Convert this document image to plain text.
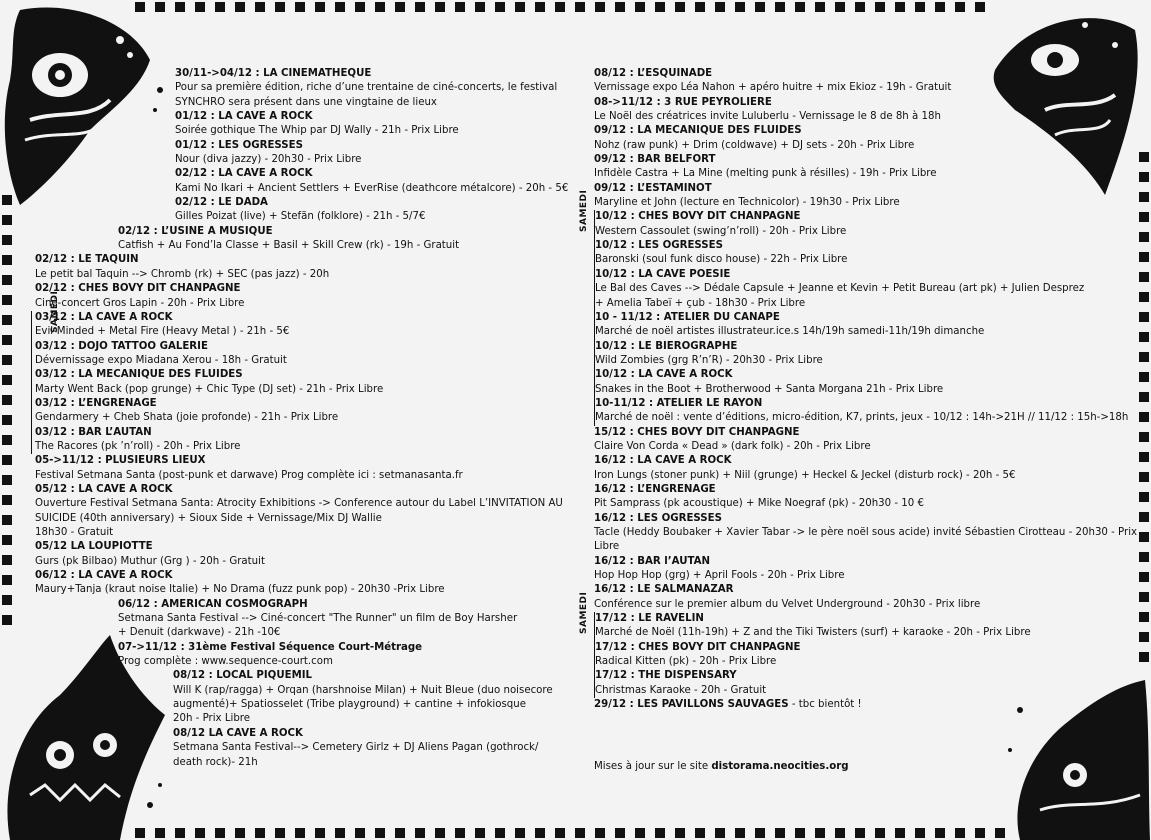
30/11->04/12 : LA CINEMATHEQUE
Pour sa première édition, riche d’une trentaine de ciné-concerts, le festival
SYNCHRO sera présent dans une vingtaine de lieux
01/12 : LA CAVE A ROCK
Soirée gothique The Whip par DJ Wally - 21h - Prix Libre
01/12 : LES OGRESSES
Nour (diva jazzy) - 20h30 - Prix Libre
02/12 : LA CAVE A ROCK
Kami No Ikari + Ancient Settlers + EverRise (deathcore métalcore) - 20h - 5€
02/12 : LE DADA
Gilles Poizat (live) + Stefãn (folklore) - 21h - 5/7€
02/12 : L’USINE A MUSIQUE
Catfish + Au Fond’la Classe + Basil + Skill Crew (rk) - 19h - Gratuit
02/12 : LE TAQUIN
Le petit bal Taquin --> Chromb (rk) + SEC (pas jazz) - 20h
02/12 : CHES BOVY DIT CHANPAGNE
Ciné-concert Gros Lapin - 20h - Prix Libre
SAMEDI
03/12 : LA CAVE A ROCK
Evil-Minded + Metal Fire (Heavy Metal ) - 21h - 5€
03/12 : DOJO TATTOO GALERIE
Dévernissage expo Miadana Xerou - 18h - Gratuit
03/12 : LA MECANIQUE DES FLUIDES
Marty Went Back (pop grunge) + Chic Type (DJ set) - 21h - Prix Libre
03/12 : L’ENGRENAGE
Gendarmery + Cheb Shata (joie profonde) - 21h - Prix Libre
03/12 : BAR L’AUTAN
The Racores (pk ’n’roll) - 20h - Prix Libre
05->11/12 : PLUSIEURS LIEUX
Festival Setmana Santa (post-punk et darwave) Prog complète ici : setmanasanta.fr
05/12 : LA CAVE A ROCK
Ouverture Festival Setmana Santa: Atrocity Exhibitions -> Conference autour du Label L’INVITATION AU
SUICIDE (40th anniversary) + Sioux Side + Vernissage/Mix DJ Wallie
18h30 - Gratuit
05/12 LA LOUPIOTTE
Gurs (pk Bilbao) Muthur (Grg ) - 20h - Gratuit
06/12 : LA CAVE A ROCK
Maury+Tanja (kraut noise Italie) + No Drama (fuzz punk pop) - 20h30 -Prix Libre
06/12 : AMERICAN COSMOGRAPH
Setmana Santa Festival --> Ciné-concert "The Runner" un film de Boy Harsher
+ Denuit (darkwave) - 21h -10€
07->11/12 : 31ème Festival Séquence Court-Métrage
Prog complète : www.sequence-court.com
08/12 : LOCAL PIQUEMIL
Will K (rap/ragga) + Orqan (harshnoise Milan) + Nuit Bleue (duo noisecore
augmenté)+ Spatiosselet (Tribe playground) + cantine + infokiosque
20h - Prix Libre
08/12 LA CAVE A ROCK
Setmana Santa Festival--> Cemetery Girlz + DJ Aliens Pagan (gothrock/
death rock)- 21h
08/12 : L’ESQUINADE
Vernissage expo Léa Nahon + apéro huitre + mix Ekioz - 19h - Gratuit
08->11/12 : 3 RUE PEYROLIERE
Le Noël des créatrices invite Luluberlu - Vernissage le 8 de 8h à 18h
09/12 : LA MECANIQUE DES FLUIDES
Nohz (raw punk) + Drim (coldwave) + DJ sets - 20h - Prix Libre
09/12 : BAR BELFORT
Infidèle Castra + La Mine (melting punk à résilles) - 19h - Prix Libre
09/12 : L’ESTAMINOT
Maryline et John (lecture en Technicolor) - 19h30 - Prix Libre
SAMEDI 10/12 : CHES BOVY DIT CHANPAGNE
Western Cassoulet (swing’n’roll) - 20h - Prix Libre
10/12 : LES OGRESSES
Baronski (soul funk disco house) - 22h - Prix Libre
10/12 : LA CAVE POESIE
Le Bal des Caves --> Dédale Capsule + Jeanne et Kevin + Petit Bureau (art pk) + Julien Desprez
+ Amelia Tabeï + çub - 18h30 - Prix Libre
10 - 11/12 : ATELIER DU CANAPE
Marché de noël artistes illustrateur.ice.s 14h/19h samedi-11h/19h dimanche
10/12 : LE BIEROGRAPHE
Wild Zombies (grg R’n’R) - 20h30 - Prix Libre
10/12 : LA CAVE A ROCK
Snakes in the Boot + Brotherwood + Santa Morgana 21h - Prix Libre
10-11/12 : ATELIER LE RAYON
Marché de noël : vente d’éditions, micro-édition, K7, prints, jeux - 10/12 : 14h->21H // 11/12 : 15h->18h
15/12 : CHES BOVY DIT CHANPAGNE
Claire Von Corda « Dead » (dark folk) - 20h - Prix Libre
16/12 : LA CAVE A ROCK
Iron Lungs (stoner punk) + Niil (grunge) + Heckel & Jeckel (disturb rock) - 20h - 5€
16/12 : L’ENGRENAGE
Pit Samprass (pk acoustique) + Mike Noegraf (pk) - 20h30 - 10 €
16/12 : LES OGRESSES
Tacle (Heddy Boubaker + Xavier Tabar -> le père noël sous acide) invité Sébastien Cirotteau - 20h30 - Prix
Libre
16/12 : BAR l’AUTAN
Hop Hop Hop (grg) + April Fools - 20h - Prix Libre
16/12 : LE SALMANAZAR
Conférence sur le premier album du Velvet Underground - 20h30 - Prix libre
SAMEDI 17/12 : LE RAVELIN
Marché de Noël (11h-19h) + Z and the Tiki Twisters (surf) + karaoke - 20h - Prix Libre
17/12 : CHES BOVY DIT CHANPAGNE
Radical Kitten (pk) - 20h - Prix Libre
17/12 : THE DISPENSARY
Christmas Karaoke - 20h - Gratuit
29/12 : LES PAVILLONS SAUVAGES - tbc bientôt !
Mises à jour sur le site distorama.neocities.org
